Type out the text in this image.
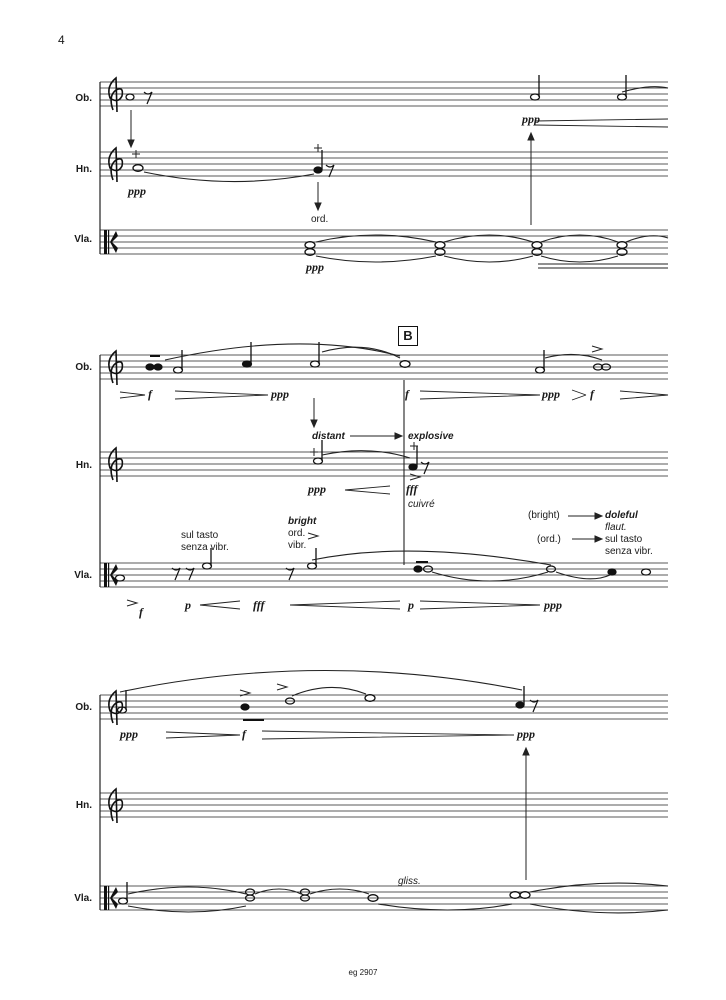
4
Ob.
Hn.
Vla.
Ob.
Hn.
Vla.
Ob.
Hn.
Vla.
B
ppp
ppp
ppp
ord.
f	ppp	f	ppp	f
ppp	fff
f	p	fff	p	ppp
distant	explosive
cuivré
sul tasto
senza vibr.
bright
ord.
vibr.
(bright)	doleful
flaut.
(ord.)	sul tasto
senza vibr.
ppp	f	ppp
gliss.
eg 2907
